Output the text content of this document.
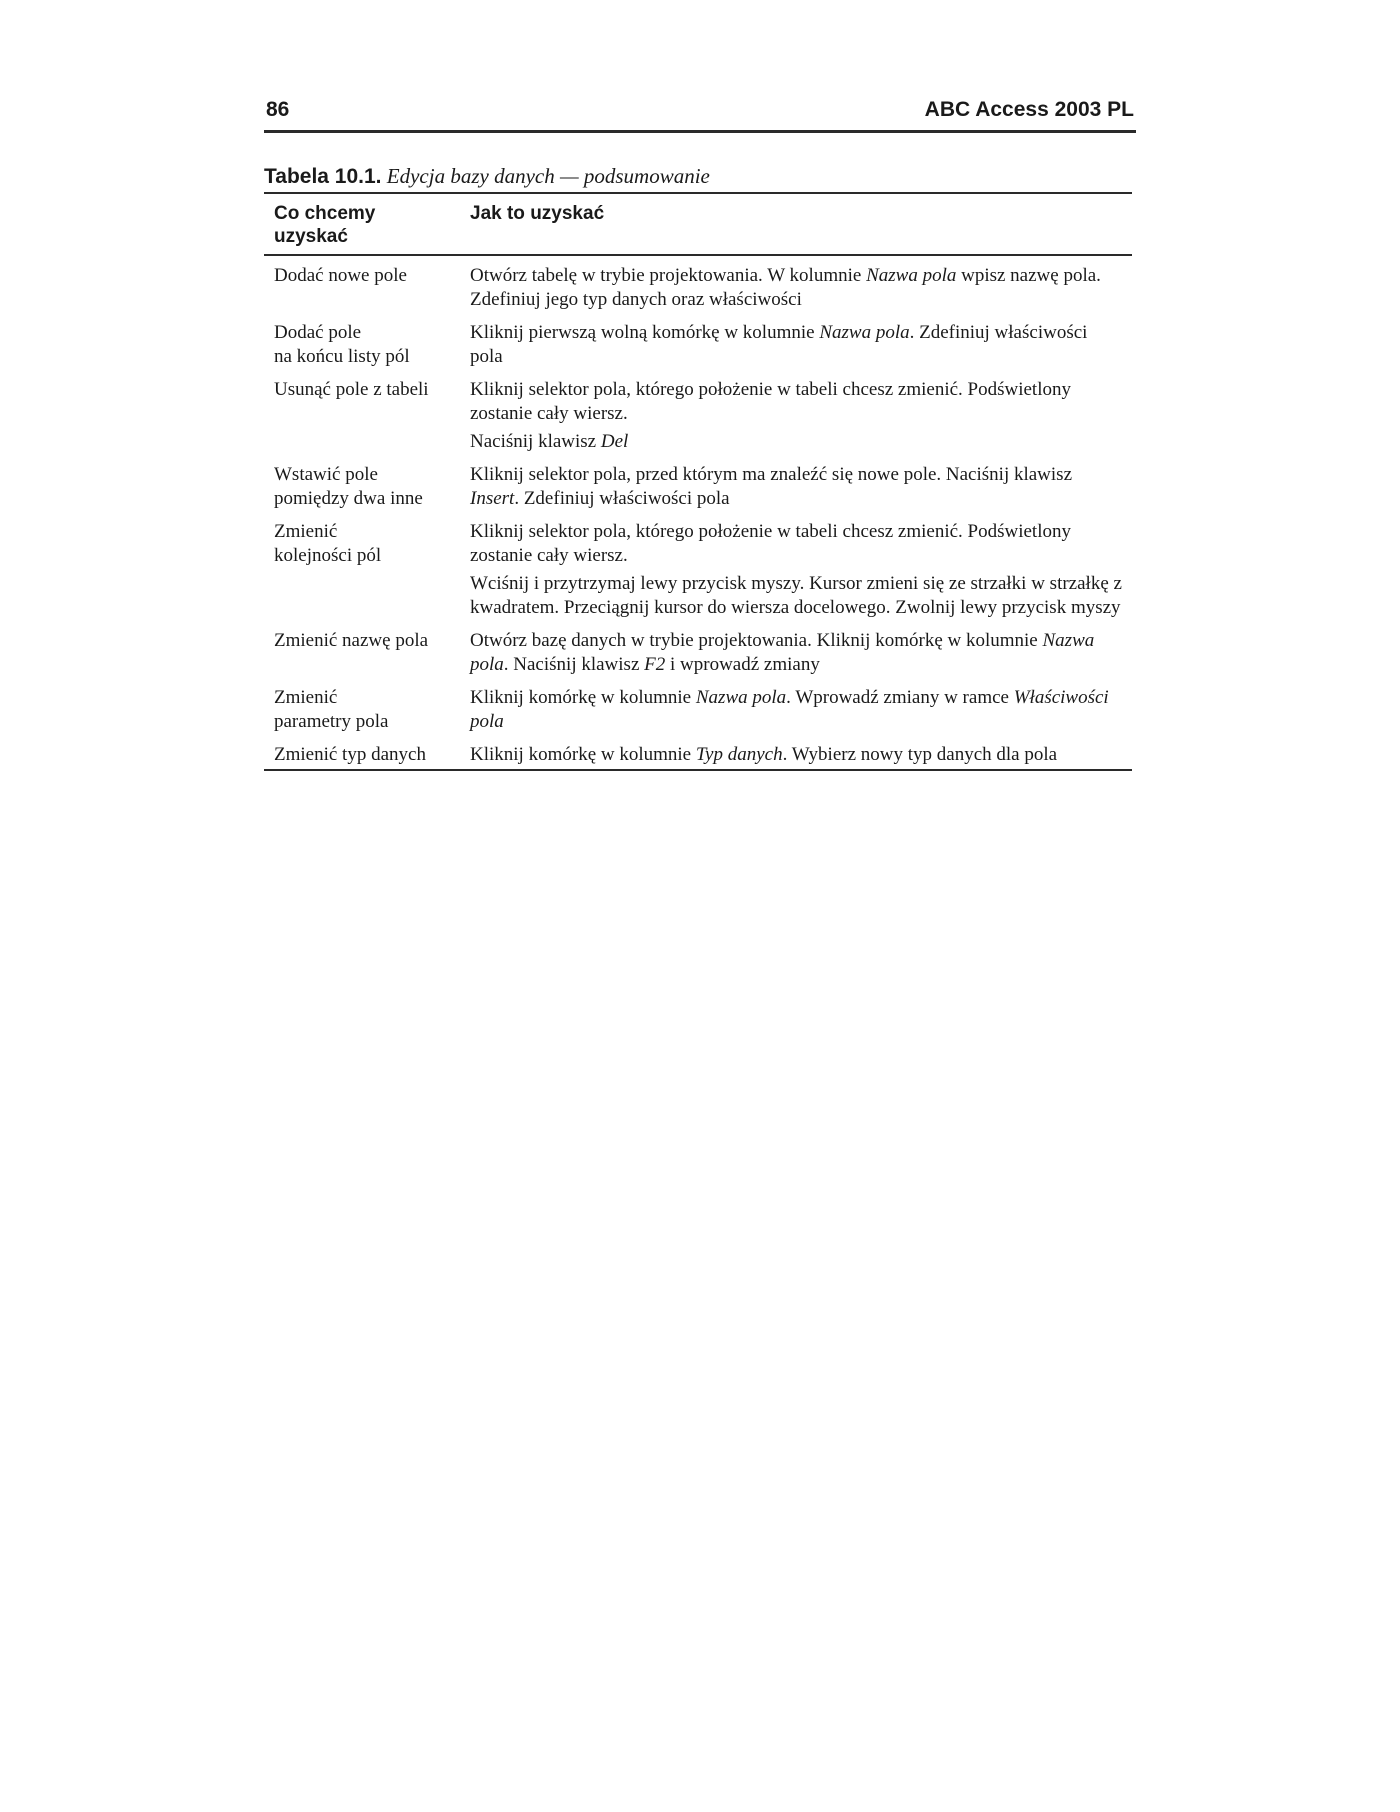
86	ABC Access 2003 PL
Tabela 10.1. Edycja bazy danych — podsumowanie
Co chcemy
uzyskać	Jak to uzyskać

Dodać nowe pole	Otwórz tabelę w trybie projektowania. W kolumnie Nazwa pola wpisz nazwę pola. Zdefiniuj jego typ danych oraz właściwości

Dodać pole
na końcu listy pól	Kliknij pierwszą wolną komórkę w kolumnie Nazwa pola. Zdefiniuj właściwości pola

Usunąć pole z tabeli	Kliknij selektor pola, którego położenie w tabeli chcesz zmienić. Podświetlony zostanie cały wiersz.
Naciśnij klawisz Del

Wstawić pole
pomiędzy dwa inne	Kliknij selektor pola, przed którym ma znaleźć się nowe pole. Naciśnij klawisz Insert. Zdefiniuj właściwości pola

Zmienić
kolejności pól	Kliknij selektor pola, którego położenie w tabeli chcesz zmienić. Podświetlony zostanie cały wiersz.
Wciśnij i przytrzymaj lewy przycisk myszy. Kursor zmieni się ze strzałki w strzałkę z kwadratem. Przeciągnij kursor do wiersza docelowego. Zwolnij lewy przycisk myszy

Zmienić nazwę pola	Otwórz bazę danych w trybie projektowania. Kliknij komórkę w kolumnie Nazwa pola. Naciśnij klawisz F2 i wprowadź zmiany

Zmienić
parametry pola	Kliknij komórkę w kolumnie Nazwa pola. Wprowadź zmiany w ramce Właściwości pola

Zmienić typ danych	Kliknij komórkę w kolumnie Typ danych. Wybierz nowy typ danych dla pola
